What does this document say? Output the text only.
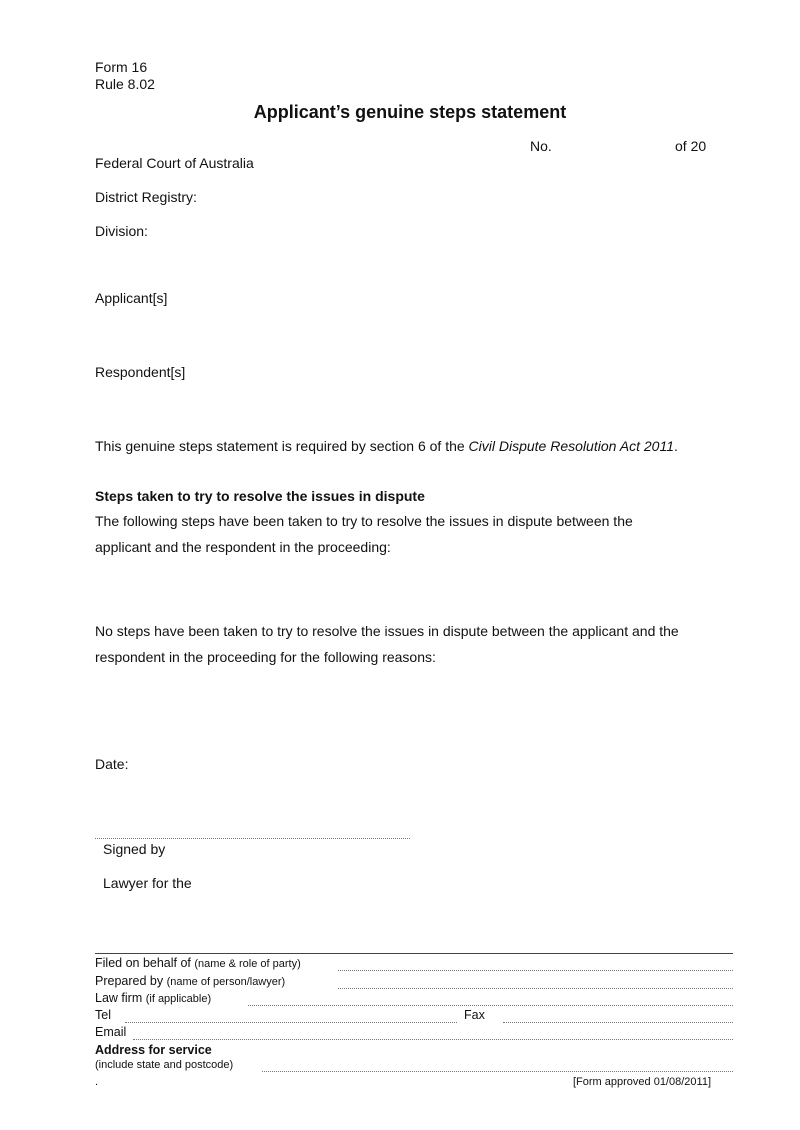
Form 16
Rule 8.02
Applicant’s genuine steps statement
No.	of 20
Federal Court of Australia
District Registry:
Division:
Applicant[s]
Respondent[s]
This genuine steps statement is required by section 6 of the Civil Dispute Resolution Act 2011.
Steps taken to try to resolve the issues in dispute
The following steps have been taken to try to resolve the issues in dispute between the
applicant and the respondent in the proceeding:
No steps have been taken to try to resolve the issues in dispute between the applicant and the
respondent in the proceeding for the following reasons:
Date:
Signed by
Lawyer for the
Filed on behalf of (name & role of party)
Prepared by (name of person/lawyer)
Law firm (if applicable)
Tel	Fax
Email
Address for service
(include state and postcode)
.	[Form approved 01/08/2011]
